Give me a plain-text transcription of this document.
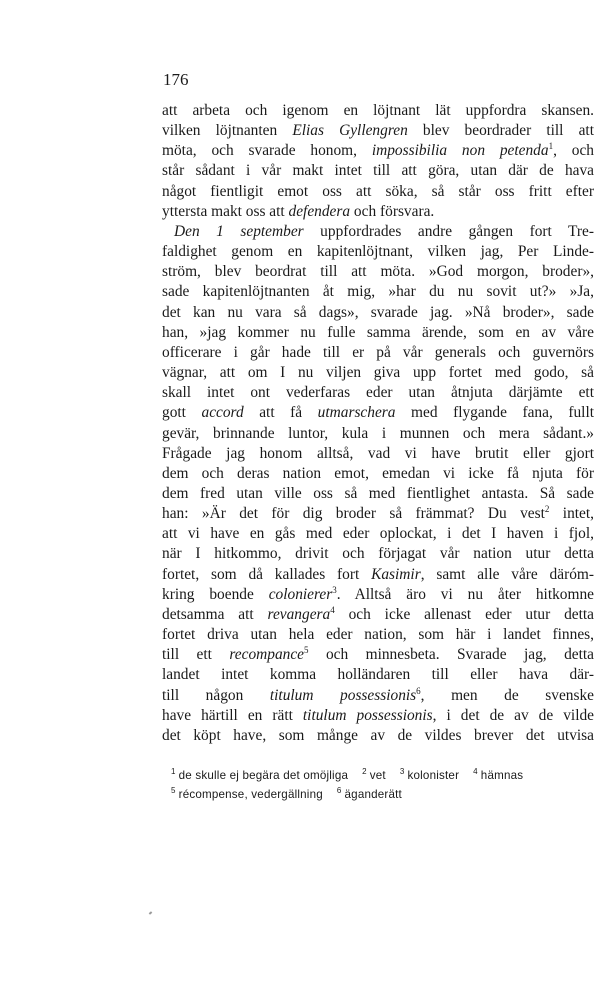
176
att arbeta och igenom en löjtnant lät uppfordra skansen.
vilken löjtnanten Elias Gyllengren blev beordrader till att
möta, och svarade honom, impossibilia non petenda$^1$, och
står sådant i vår makt intet till att göra, utan där de hava
något fientligit emot oss att söka, så står oss fritt efter
yttersta makt oss att defendera och försvara.
Den 1 september uppfordrades andre gången fort Tre-
faldighet genom en kapitenlöjtnant, vilken jag, Per Linde-
ström, blev beordrat till att möta. »God morgon, broder»,
sade kapitenlöjtnanten åt mig, »har du nu sovit ut?» »Ja,
det kan nu vara så dags», svarade jag. »Nå broder», sade
han, »jag kommer nu fulle samma ärende, som en av våre
officerare i går hade till er på vår generals och guvernörs
vägnar, att om I nu viljen giva upp fortet med godo, så
skall intet ont vederfaras eder utan åtnjuta därjämte ett
gott accord att få utmarschera med flygande fana, fullt
gevär, brinnande luntor, kula i munnen och mera sådant.»
Frågade jag honom alltså, vad vi have brutit eller gjort
dem och deras nation emot, emedan vi icke få njuta för
dem fred utan ville oss så med fientlighet antasta. Så sade
han: »Är det för dig broder så främmat? Du vest$^2$ intet,
att vi have en gås med eder oplockat, i det I haven i fjol,
när I hitkommo, drivit och förjagat vår nation utur detta
fortet, som då kallades fort Kasimir, samt alle våre däróm-
kring boende colonierer$^3$. Alltså äro vi nu åter hitkomne
detsamma att revangera$^4$ och icke allenast eder utur detta
fortet driva utan hela eder nation, som här i landet finnes,
till ett recompance$^5$ och minnesbeta. Svarade jag, detta
landet intet komma holländaren till eller hava där-
till någon titulum possessionis$^6$, men de svenske
have härtill en rätt titulum possessionis, i det de av de vilde
det köpt have, som månge av de vildes brever det utvisa
$^1$ de skulle ej begära det omöjliga $^2$ vet $^3$ kolonister $^4$ hämnas
$^5$ récompense, vedergällning $^6$ äganderätt
